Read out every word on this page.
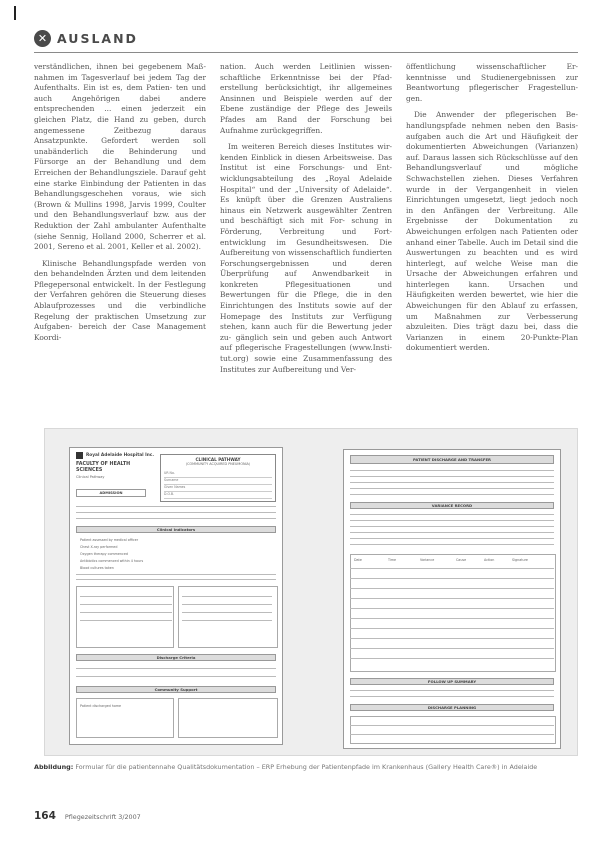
✕ AUSLAND

verständlichen, ihnen bei gegebenem Maß- nahmen im Tagesverlauf bei jedem Tag der Aufenthalts. Ein ist es, dem Patien- ten und auch Angehörigen dabei andere entsprechenden ... einen jederzeit ein gleichen Platz, die Hand zu geben, durch angemessene Zeitbezug daraus Ansatzpunkte. Gefordert werden soll unabänderlich die Behinderung und Fürsorge an der Behandlung und dem Erreichen der Behandlungsziele. Darauf geht eine starke Einbindung der Patienten in das Behandlungsgeschehen voraus, wie sich (Brown & Mullins 1998, Jarvis 1999, Coulter und den Behandlungsverlauf bzw. aus der Reduktion der Zahl ambulanter Aufenthalte (siehe Sennig, Holland 2000, Scherrer et al. 2001, Sereno et al. 2001, Keller et al. 2002).

Klinische Behandlungspfade werden von den behandelnden Ärzten und dem leitenden Pflegepersonal entwickelt. In der Festlegung der Verfahren gehören die Steuerung dieses Ablaufprozesses und die verbindliche Regelung der praktischen Umsetzung zur Aufgaben- bereich der Case Management Koordi-

nation. Auch werden Leitlinien wissen- schaftliche Erkenntnisse bei der Pfad- erstellung berücksichtigt, ihr allgemeines Ansinnen und Beispiele werden auf der Ebene zuständige der Pflege des Jeweils Pfades am Rand der Forschung bei Aufnahme zurückgegriffen.

Im weiteren Bereich dieses Institutes wir- kenden Einblick in diesen Arbeitsweise. Das Institut ist eine Forschungs- und Ent- wicklungsabteilung des „Royal Adelaide Hospital“ und der „University of Adelaide“. Es knüpft über die Grenzen Australiens hinaus ein Netzwerk ausgewählter Zentren und beschäftigt sich mit For- schung in Förderung, Verbreitung und Fort- entwicklung im Gesundheitswesen. Die Aufbereitung von wissenschaftlich fundierten Forschungsergebnissen und deren Überprüfung auf Anwendbarkeit in konkreten Pflegesituationen und Bewertungen für die Pflege, die in den Einrichtungen des Instituts sowie auf der Homepage des Instituts zur Verfügung stehen, kann auch für die Bewertung jeder zu- gänglich sein und geben auch Antwort auf pflegerische Fragestellungen (www.Insti- tut.org) sowie eine Zusammenfassung des Institutes zur Aufbereitung und Ver-

öffentlichung wissenschaftlicher Er- kenntnisse und Studienergebnissen zur Beantwortung pflegerischer Fragestellun- gen.

Die Anwender der pflegerischen Be- handlungspfade nehmen neben den Basis- aufgaben auch die Art und Häufigkeit der dokumentierten Abweichungen (Varianzen) auf. Daraus lassen sich Rückschlüsse auf den Behandlungsverlauf und mögliche Schwachstellen ziehen. Dieses Verfahren wurde in der Vergangenheit in vielen Einrichtungen umgesetzt, liegt jedoch noch in den Anfängen der Verbreitung. Alle Ergebnisse der Dokumentation zu Abweichungen erfolgen nach Patienten oder anhand einer Tabelle. Auch im Detail sind die Auswertungen zu beachten und es wird hinterlegt, auf welche Weise man die Ursache der Abweichungen erfahren und hinterlegen kann. Ursachen und Häufigkeiten werden bewertet, wie hier die Abweichungen für den Ablauf zu erfassen, um Maßnahmen zur Verbesserung abzuleiten. Dies trägt dazu bei, dass die Varianzen in einem 20-Punkte-Plan dokumentiert werden.

Royal Adelaide Hospital Inc.
FACULTY OF HEALTH SCIENCES
Clinical Pathway
CLINICAL PATHWAY
(COMMUNITY ACQUIRED PNEUMONIA)
UR No.
Surname
Given Names
D.O.B.
ADMISSION
Clinical Indicators
Patient assessed by medical officer
Chest X-ray performed
Oxygen therapy commenced
Antibiotics commenced within 4 hours
Blood cultures taken
Discharge Criteria
Community Support
Patient discharged home
PATIENT DISCHARGE AND TRANSFER
VARIANCE RECORD
Date	Time	Variance	Cause	Action	Signature
FOLLOW UP SUMMARY
DISCHARGE PLANNING
Abbildung: Formular für die patientennahe Qualitätsdokumentation – ERP Erhebung der Patientenpfade im Krankenhaus (Gallery Health Care®) in Adelaide
164 Pflegezeitschrift 3/2007
